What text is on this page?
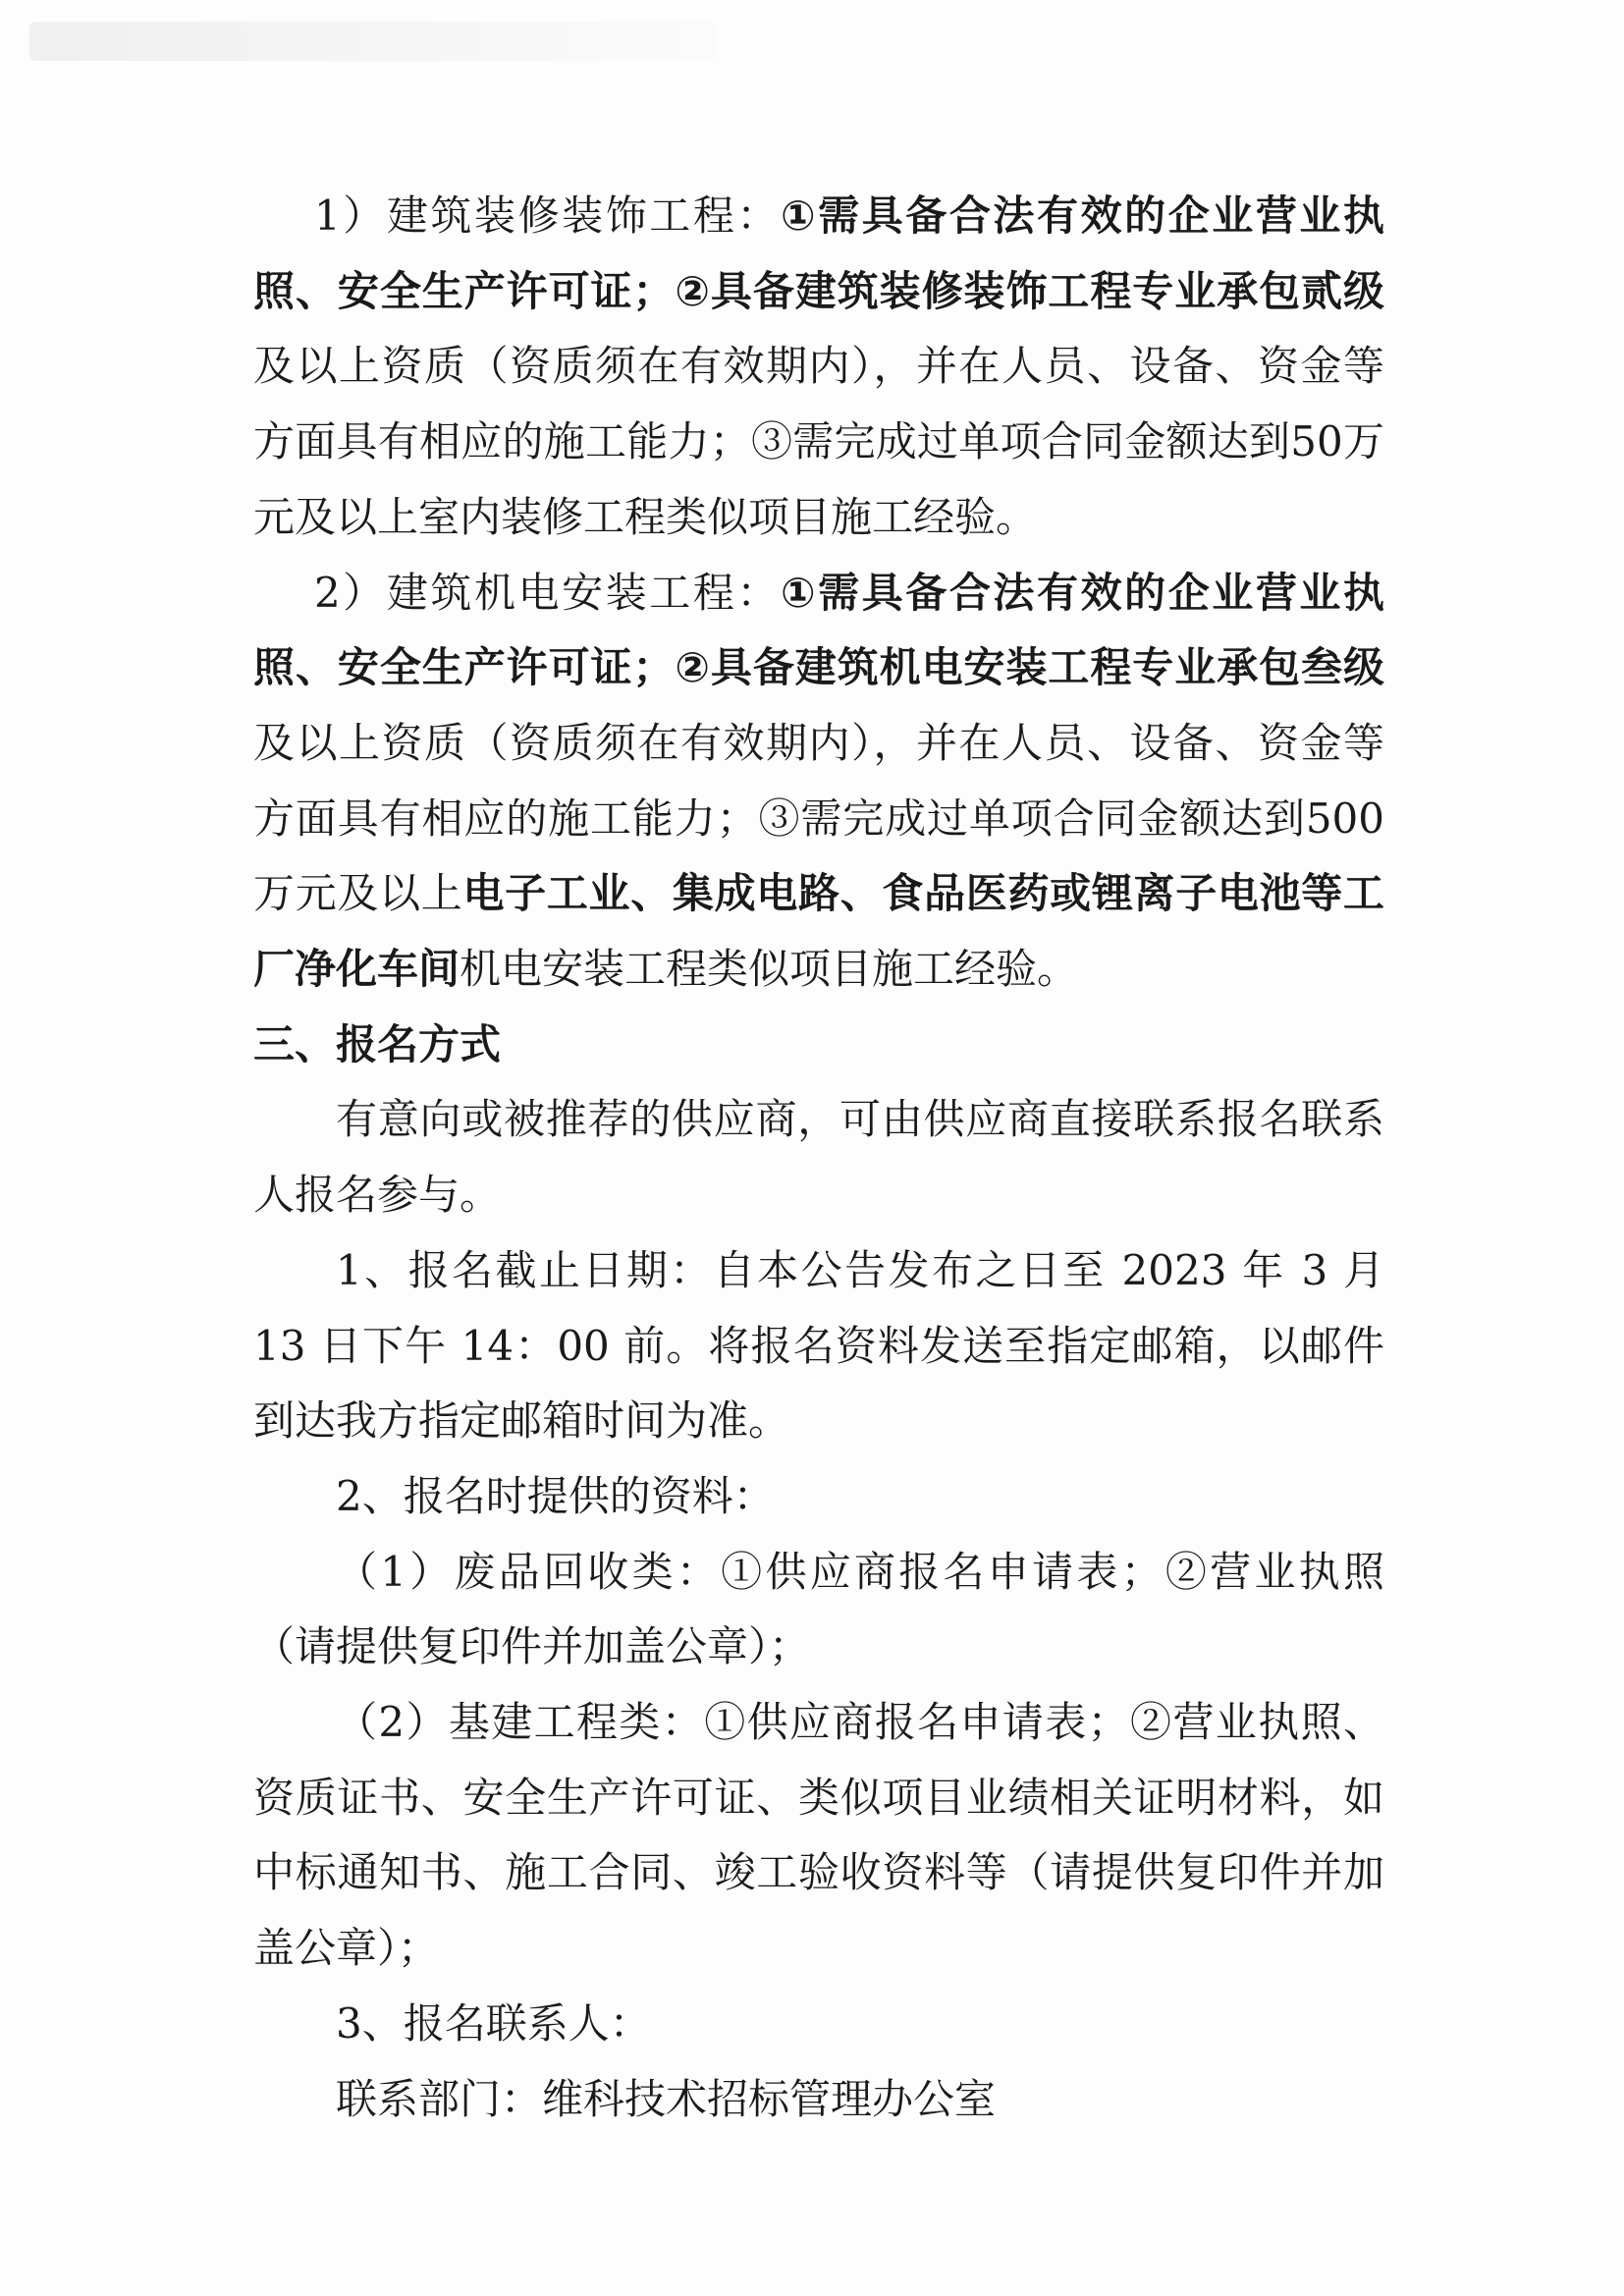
1）建筑装修装饰工程：①需具备合法有效的企业营业执照、安全生产许可证；②具备建筑装修装饰工程专业承包贰级及以上资质（资质须在有效期内），并在人员、设备、资金等方面具有相应的施工能力；③需完成过单项合同金额达到50万元及以上室内装修工程类似项目施工经验。

2）建筑机电安装工程：①需具备合法有效的企业营业执照、安全生产许可证；②具备建筑机电安装工程专业承包叁级及以上资质（资质须在有效期内），并在人员、设备、资金等方面具有相应的施工能力；③需完成过单项合同金额达到500万元及以上电子工业、集成电路、食品医药或锂离子电池等工厂净化车间机电安装工程类似项目施工经验。

三、报名方式

有意向或被推荐的供应商，可由供应商直接联系报名联系人报名参与。

1、报名截止日期：自本公告发布之日至 2023 年 3 月 13 日下午 14：00 前。将报名资料发送至指定邮箱，以邮件到达我方指定邮箱时间为准。

2、报名时提供的资料：

（1）废品回收类：①供应商报名申请表；②营业执照（请提供复印件并加盖公章）；

（2）基建工程类：①供应商报名申请表；②营业执照、资质证书、安全生产许可证、类似项目业绩相关证明材料，如中标通知书、施工合同、竣工验收资料等（请提供复印件并加盖公章）；

3、报名联系人：

联系部门：维科技术招标管理办公室
